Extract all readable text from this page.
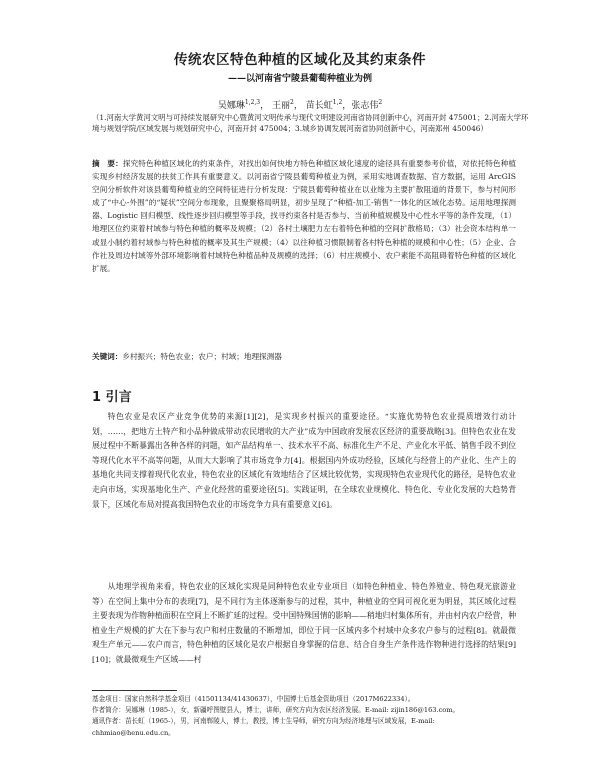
传统农区特色种植的区域化及其约束条件
——以河南省宁陵县葡萄种植业为例
吴娜琳$^{1,2,3}$， 王丽$^2$， 苗长虹$^{1,2}$，张志伟$^2$
（1.河南大学黄河文明与可持续发展研究中心暨黄河文明传承与现代文明建设河南省协同创新中心，河南开封 475001；2.河南大学环境与规划学院/区域发展与规划研究中心，河南开封 475004；3.城乡协调发展河南省协同创新中心，河南郑州 450046）
摘　要：探究特色种植区域化的约束条件，对找出如何快地方特色种植区域化速度的途径具有重要参考价值，对依托特色种植实现乡村经济发展的扶贫工作具有重要意义。以河南省宁陵县葡萄种植业为例，采用实地调查数据、官方数据，运用 ArcGIS 空间分析软件对该县葡萄种植业的空间特征进行分析发现：宁陵县葡萄种植业在以业缘为主要扩散阻道的背景下，参与村间形成了“中心-外围”的“疑状”空间分布现象，且聚聚格局明显，初步呈现了“种植-加工-销售”一体化的区域化态势。运用地理探测器、Logistic 回归模型、线性逐步回归模型等手段，找寻约束各村是否参与、当前种植规模及中心性水平等的条件发现，（1）地理区位约束着村域参与特色种植的概率及规模；（2）各村土壤肥力左右着特色种植的空间扩散格局；（3）社会资本结构单一或显小制约着村域参与特色种植的概率及其生产规模；（4）以往种植习惯限制着各村特色种植的规模和中心性；（5）企业、合作社及周边村域等外部环境影响着村域特色种植品种及规模的选择；（6）村庄规模小、农户素能不高阻碍着特色种植的区域化扩展。
关键词：乡村振兴；特色农业；农户；村域；地理探测器
1 引言
特色农业是农区产业竞争优势的来源[1][2]，是实现乡村振兴的重要途径。“实施优势特色农业提质增效行动计划，……，把地方土特产和小品种做成带动农民增收的大产业”成为中国政府发展农区经济的重要战略[3]。但特色农业在发展过程中不断暴露出各种各样的问题，如产品结构单一、技术水平不高、标准化生产不足、产业化水平低、销售手段不到位等现代化水平不高等问题，从而大大影响了其市场竞争力[4]。根据国内外成功经验，区域化与经营上的产业化、生产上的基地化共同支撑着现代化农业，特色农业的区域化有效地结合了区域比较优势，实现现特色农业现代化的路径，是特色农业走向市场，实现基地化生产、产业化经营的重要途径[5]。实践证明，在全球农业规模化、特色化、专业化发展的大趋势背景下，区域化布局对提高我国特色农业的市场竞争力具有重要意义[6]。
从地理学视角来看，特色农业的区域化实现是同种特色农业专业项目（如特色种植业、特色养殖业、特色观光旅游业等）在空间上集中分布的表现[7]，是不同行为主体逐渐参与的过程，其中，种植业的空间可视化更为明显，其区域化过程主要表现为作物种植面积在空间上不断扩延的过程。受中国特殊国情的影响——稍地归村集体所有，并由村内农户经营，种植业生产规模的扩大在下参与农户和村庄数量的不断增加，即位于同一区域内多个村域中众多农户参与的过程[8]。就最微观生产单元——农户而言，特色种植的区域化是农户根据自身掌握的信息、结合自身生产条件选作物种进行选择的结果[9][10]；就最微观生产区域——村
基金项目：国家自然科学基金项目（41501134/41430637），中国博士后基金资助项目（2017M622334）。
作者简介：吴娜琳（1985-），女，新疆呼图壁县人，博士，讲师，研究方向为农区经济发展。E-mail: zijin186@163.com。
通讯作者：苗长虹（1965-），男，河南郸陵人，博士，教授，博士生导师，研究方向为经济地理与区域发展，E-mail: chhmiao@henu.edu.cn。
